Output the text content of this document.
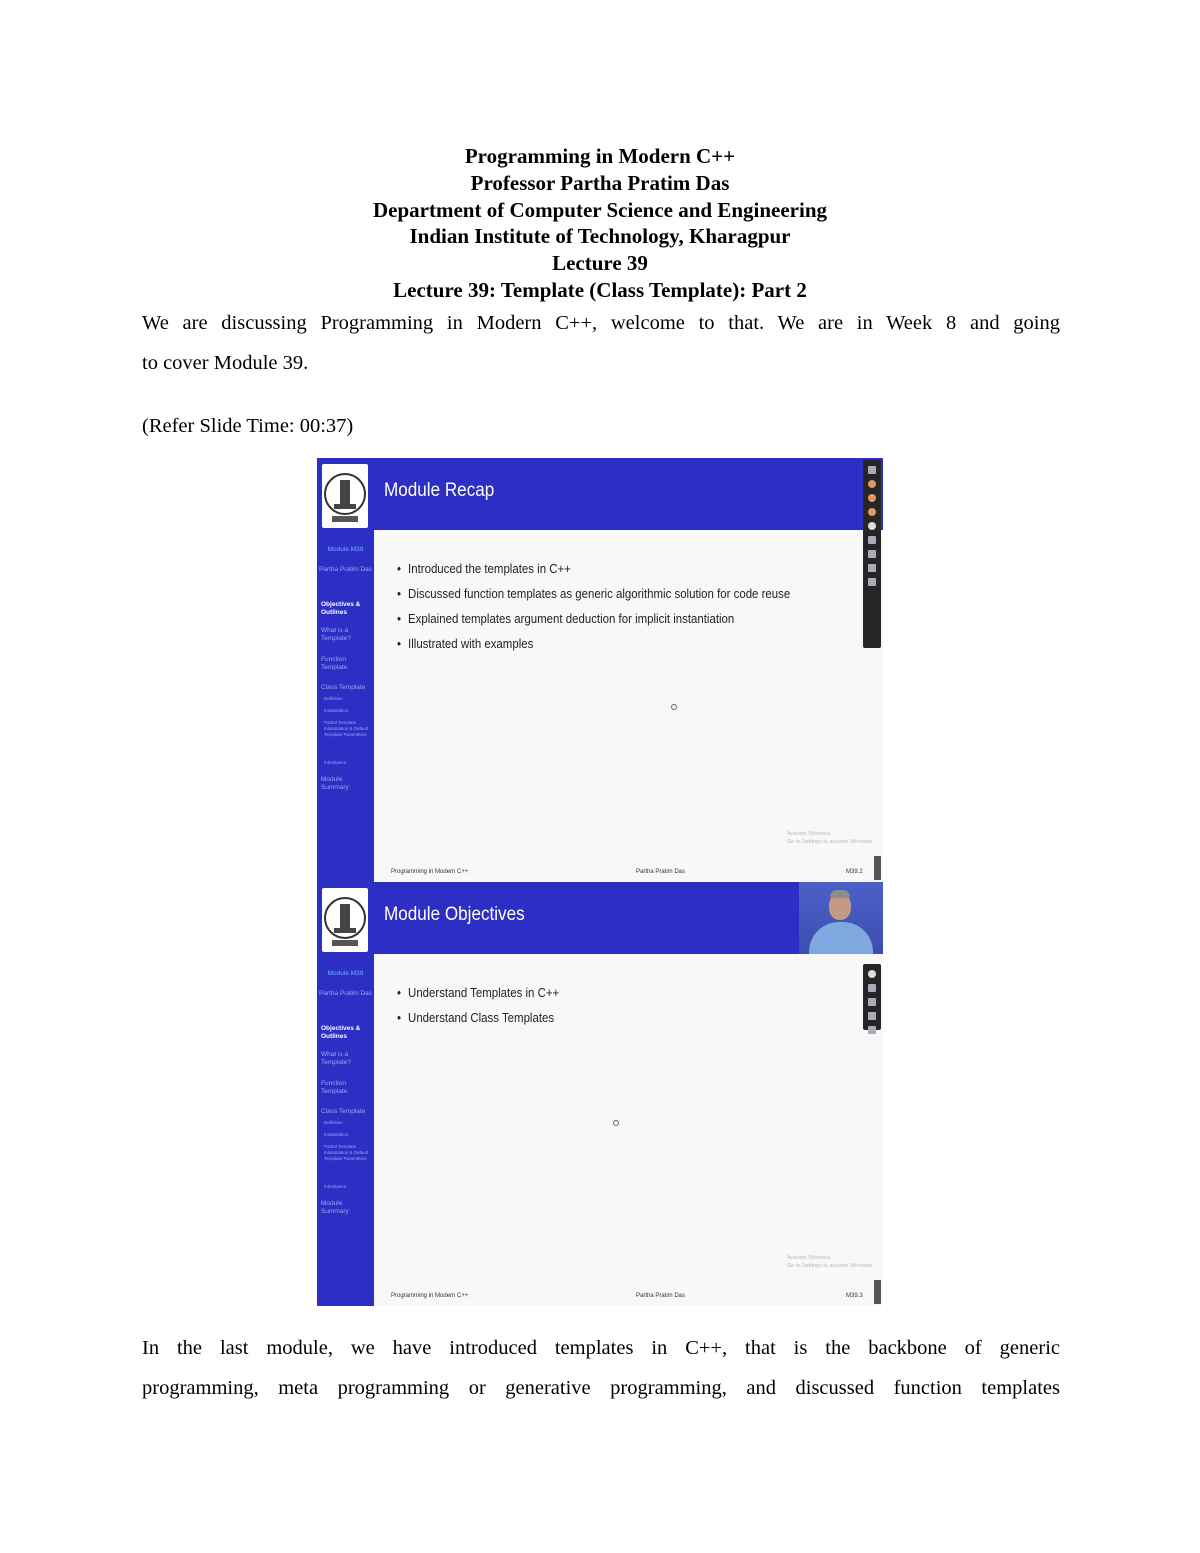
Programming in Modern C++
Professor Partha Pratim Das
Department of Computer Science and Engineering
Indian Institute of Technology, Kharagpur
Lecture 39
Lecture 39: Template (Class Template): Part 2
We are discussing Programming in Modern C++, welcome to that. We are in Week 8 and going
to cover Module 39.
(Refer Slide Time: 00:37)
Module M39
Partha Pratim Das
Objectives & Outlines
What is a Template?
Function Template
Class Template
Definition
Instantiation
Partial Template Instantiation & Default Template Parameters
Inheritance
Module Summary
Module Recap
• Introduced the templates in C++
• Discussed function templates as generic algorithmic solution for code reuse
• Explained templates argument deduction for implicit instantiation
• Illustrated with examples
Activate Windows
Go to Settings to activate Windows.
Programming in Modern C++	Partha Pratim Das	M39.2
Module M39
Partha Pratim Das
Objectives & Outlines
What is a Template?
Function Template
Class Template
Definition
Instantiation
Partial Template Instantiation & Default Template Parameters
Inheritance
Module Summary
Module Objectives
• Understand Templates in C++
• Understand Class Templates
Activate Windows
Go to Settings to activate Windows.
Programming in Modern C++	Partha Pratim Das	M39.3
In the last module, we have introduced templates in C++, that is the backbone of generic
programming, meta programming or generative programming, and discussed function templates
